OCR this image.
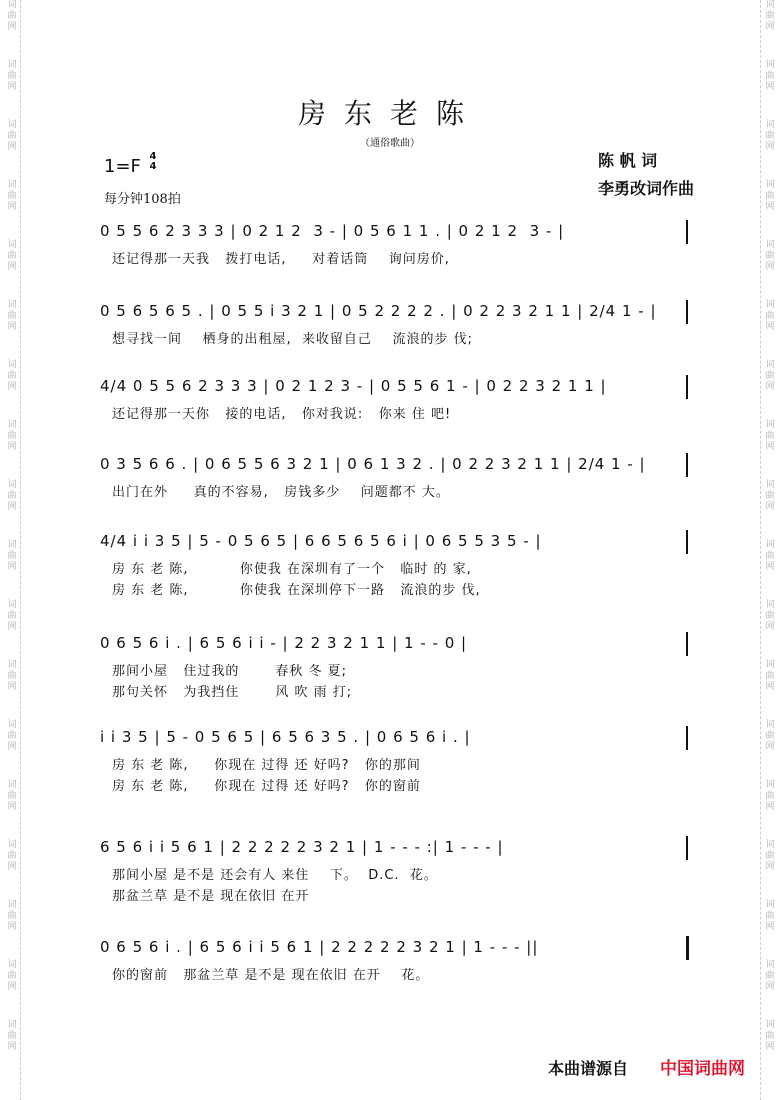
词曲网
词曲网
词曲网
词曲网
词曲网
词曲网
词曲网
词曲网
词曲网
词曲网
词曲网
词曲网
词曲网
词曲网
词曲网
词曲网
词曲网
词曲网
词曲网
词曲网
词曲网
词曲网
词曲网
词曲网
词曲网
词曲网
词曲网
词曲网
词曲网
词曲网
词曲网
词曲网
词曲网
词曲网
词曲网
词曲网
房东老陈
（通俗歌曲）
1=F 4
4
每分钟108拍
陈 帆 词
李勇改词作曲
0 5 5 6 2 3 3 3 | 0 2 1 2  3 - | 0 5 6 1 1 . | 0 2 1 2  3 - |
还记得那一天我   拨打电话,     对着话筒    询问房价,
0 5 6 5 6 5 . | 0 5 5 i 3 2 1 | 0 5 2 2 2 2 . | 0 2 2 3 2 1 1 | 2/4 1 - |
想寻找一间    栖身的出租屋,  来收留自己    流浪的步 伐;
4/4 0 5 5 6 2 3 3 3 | 0 2 1 2 3 - | 0 5 5 6 1 - | 0 2 2 3 2 1 1 |
还记得那一天你   接的电话,   你对我说:   你来 住 吧!
0 3 5 6 6 . | 0 6 5 5 6 3 2 1 | 0 6 1 3 2 . | 0 2 2 3 2 1 1 | 2/4 1 - |
出门在外     真的不容易,   房钱多少    问题都不 大。
4/4 i i 3 5 | 5 - 0 5 6 5 | 6 6 5 6 5 6 i | 0 6 5 5 3 5 - |
房 东 老 陈,          你使我 在深圳有了一个   临时 的 家,
房 东 老 陈,          你使我 在深圳停下一路   流浪的步 伐,
0 6 5 6 i . | 6 5 6 i i - | 2 2 3 2 1 1 | 1 - - 0 |
那间小屋   住过我的       春秋 冬 夏;
那句关怀   为我挡住       风 吹 雨 打;
i i 3 5 | 5 - 0 5 6 5 | 6 5 6 3 5 . | 0 6 5 6 i . |
房 东 老 陈,     你现在 过得 还 好吗?   你的那间
房 东 老 陈,     你现在 过得 还 好吗?   你的窗前
6 5 6 i i 5 6 1 | 2 2 2 2 2 3 2 1 | 1 - - - :| 1 - - - |
那间小屋 是不是 还会有人 来住    下。  D.C.  花。
那盆兰草 是不是 现在依旧 在开
0 6 5 6 i . | 6 5 6 i i 5 6 1 | 2 2 2 2 2 3 2 1 | 1 - - - ||
你的窗前   那盆兰草 是不是 现在依旧 在开    花。
本曲谱源自 中国词曲网
